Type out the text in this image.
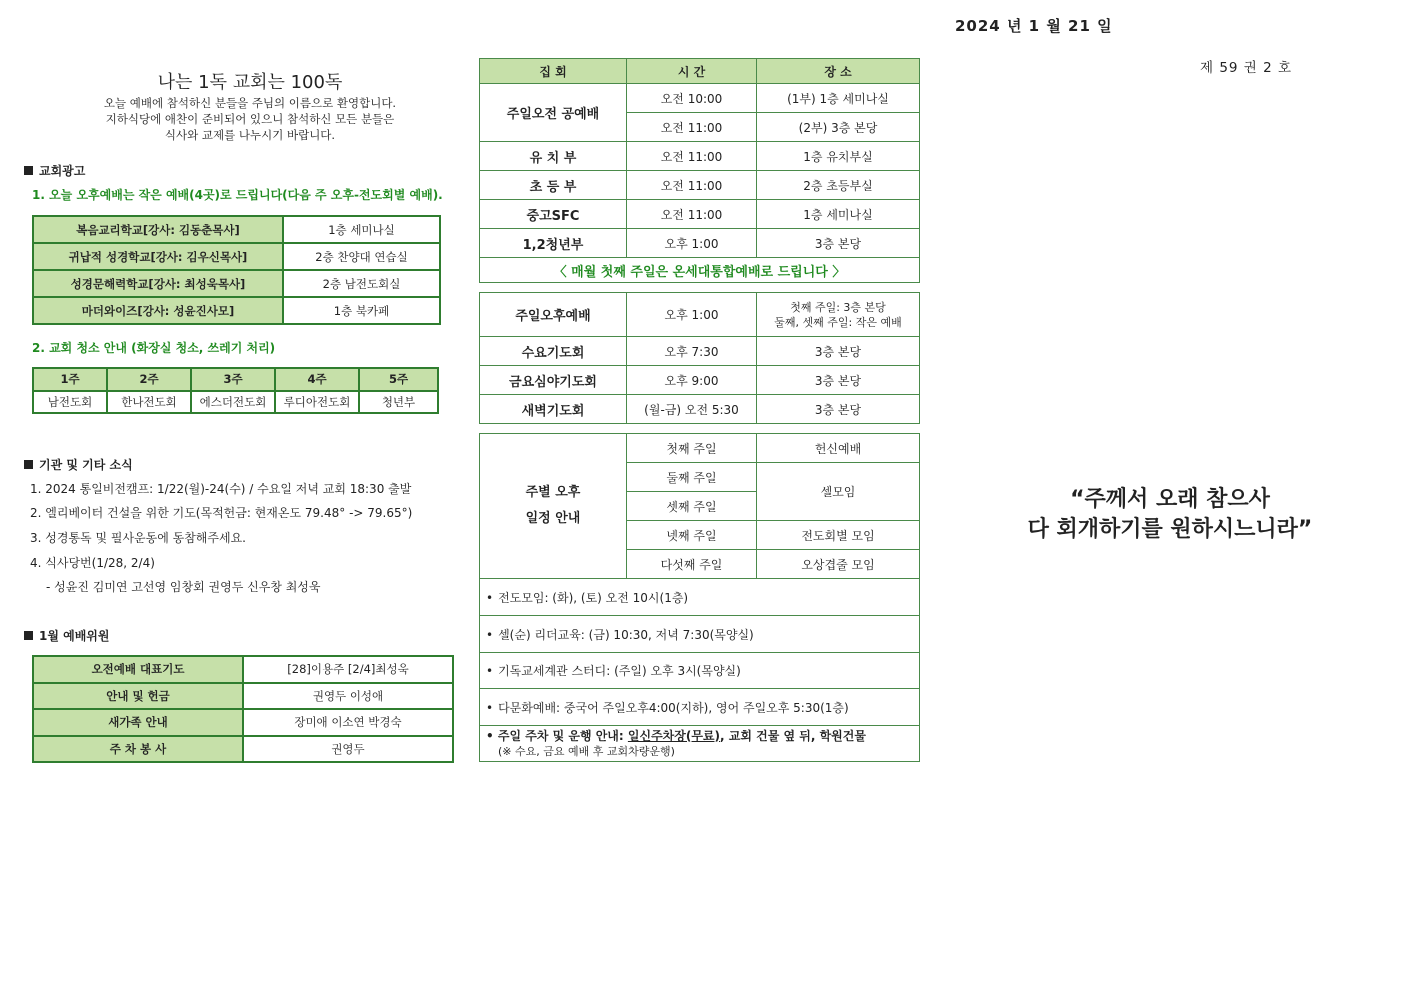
2024 년 1 월 21 일
제 59 권 2 호
나는 1독 교회는 100독
오늘 예배에 참석하신 분들을 주님의 이름으로 환영합니다.
지하식당에 애찬이 준비되어 있으니 참석하신 모든 분들은
식사와 교제를 나누시기 바랍니다.
교회광고
1. 오늘 오후예배는 작은 예배(4곳)로 드립니다(다음 주 오후-전도회별 예배).
복음교리학교[강사: 김동춘목사]	1층 세미나실
귀납적 성경학교[강사: 김우신목사]	2층 찬양대 연습실
성경문해력학교[강사: 최성욱목사]	2층 남전도회실
마더와이즈[강사: 성윤진사모]	1층 북카페
2. 교회 청소 안내 (화장실 청소, 쓰레기 처리)
1주	2주	3주	4주	5주
남전도회	한나전도회	에스더전도회	루디아전도회	청년부
기관 및 기타 소식
1. 2024 통일비전캠프: 1/22(월)-24(수) / 수요일 저녁 교회 18:30 출발
2. 엘리베이터 건설을 위한 기도(목적헌금: 현재온도 79.48° -> 79.65°)
3. 성경통독 및 필사운동에 동참해주세요.
4. 식사당번(1/28, 2/4)
- 성윤진 김미연 고선영 임창회 권영두 신우창 최성욱
1월 예배위원
오전예배 대표기도	[28]이용주 [2/4]최성욱
안내 및 헌금	권영두 이성애
새가족 안내	장미애 이소연 박경숙
주 차 봉 사	권영두
집 회	시 간	장 소
주일오전 공예배	오전 10:00	(1부) 1층 세미나실
	오전 11:00	(2부) 3층 본당
유 치 부	오전 11:00	1층 유치부실
초 등 부	오전 11:00	2층 초등부실
중고SFC	오전 11:00	1층 세미나실
1,2청년부	오후 1:00	3층 본당
〈 매월 첫째 주일은 온세대통합예배로 드립니다 〉		
주일오후예배	오후 1:00	첫째 주일: 3층 본당
둘째, 셋째 주일: 작은 예배

수요기도회	오후 7:30	3층 본당
금요심야기도회	오후 9:00	3층 본당
새벽기도회	(월-금) 오전 5:30	3층 본당
주별 오후
일정 안내	첫째 주일	헌신예배
	둘째 주일	셀모임
	셋째 주일	
	넷째 주일	전도회별 모임
	다섯째 주일	오상겹줄 모임
• 전도모임: (화), (토) 오전 10시(1층)
• 셀(순) 리더교육: (금) 10:30, 저녁 7:30(목양실)
• 기독교세계관 스터디: (주일) 오후 3시(목양실)
• 다문화예배: 중국어 주일오후4:00(지하), 영어 주일오후 5:30(1층)

• 주일 주차 및 운행 안내: 일신주차장(무료), 교회 건물 옆 뒤, 학원건물
(※ 수요, 금요 예배 후 교회차량운행)		
“주께서 오래 참으사
다 회개하기를 원하시느니라”
